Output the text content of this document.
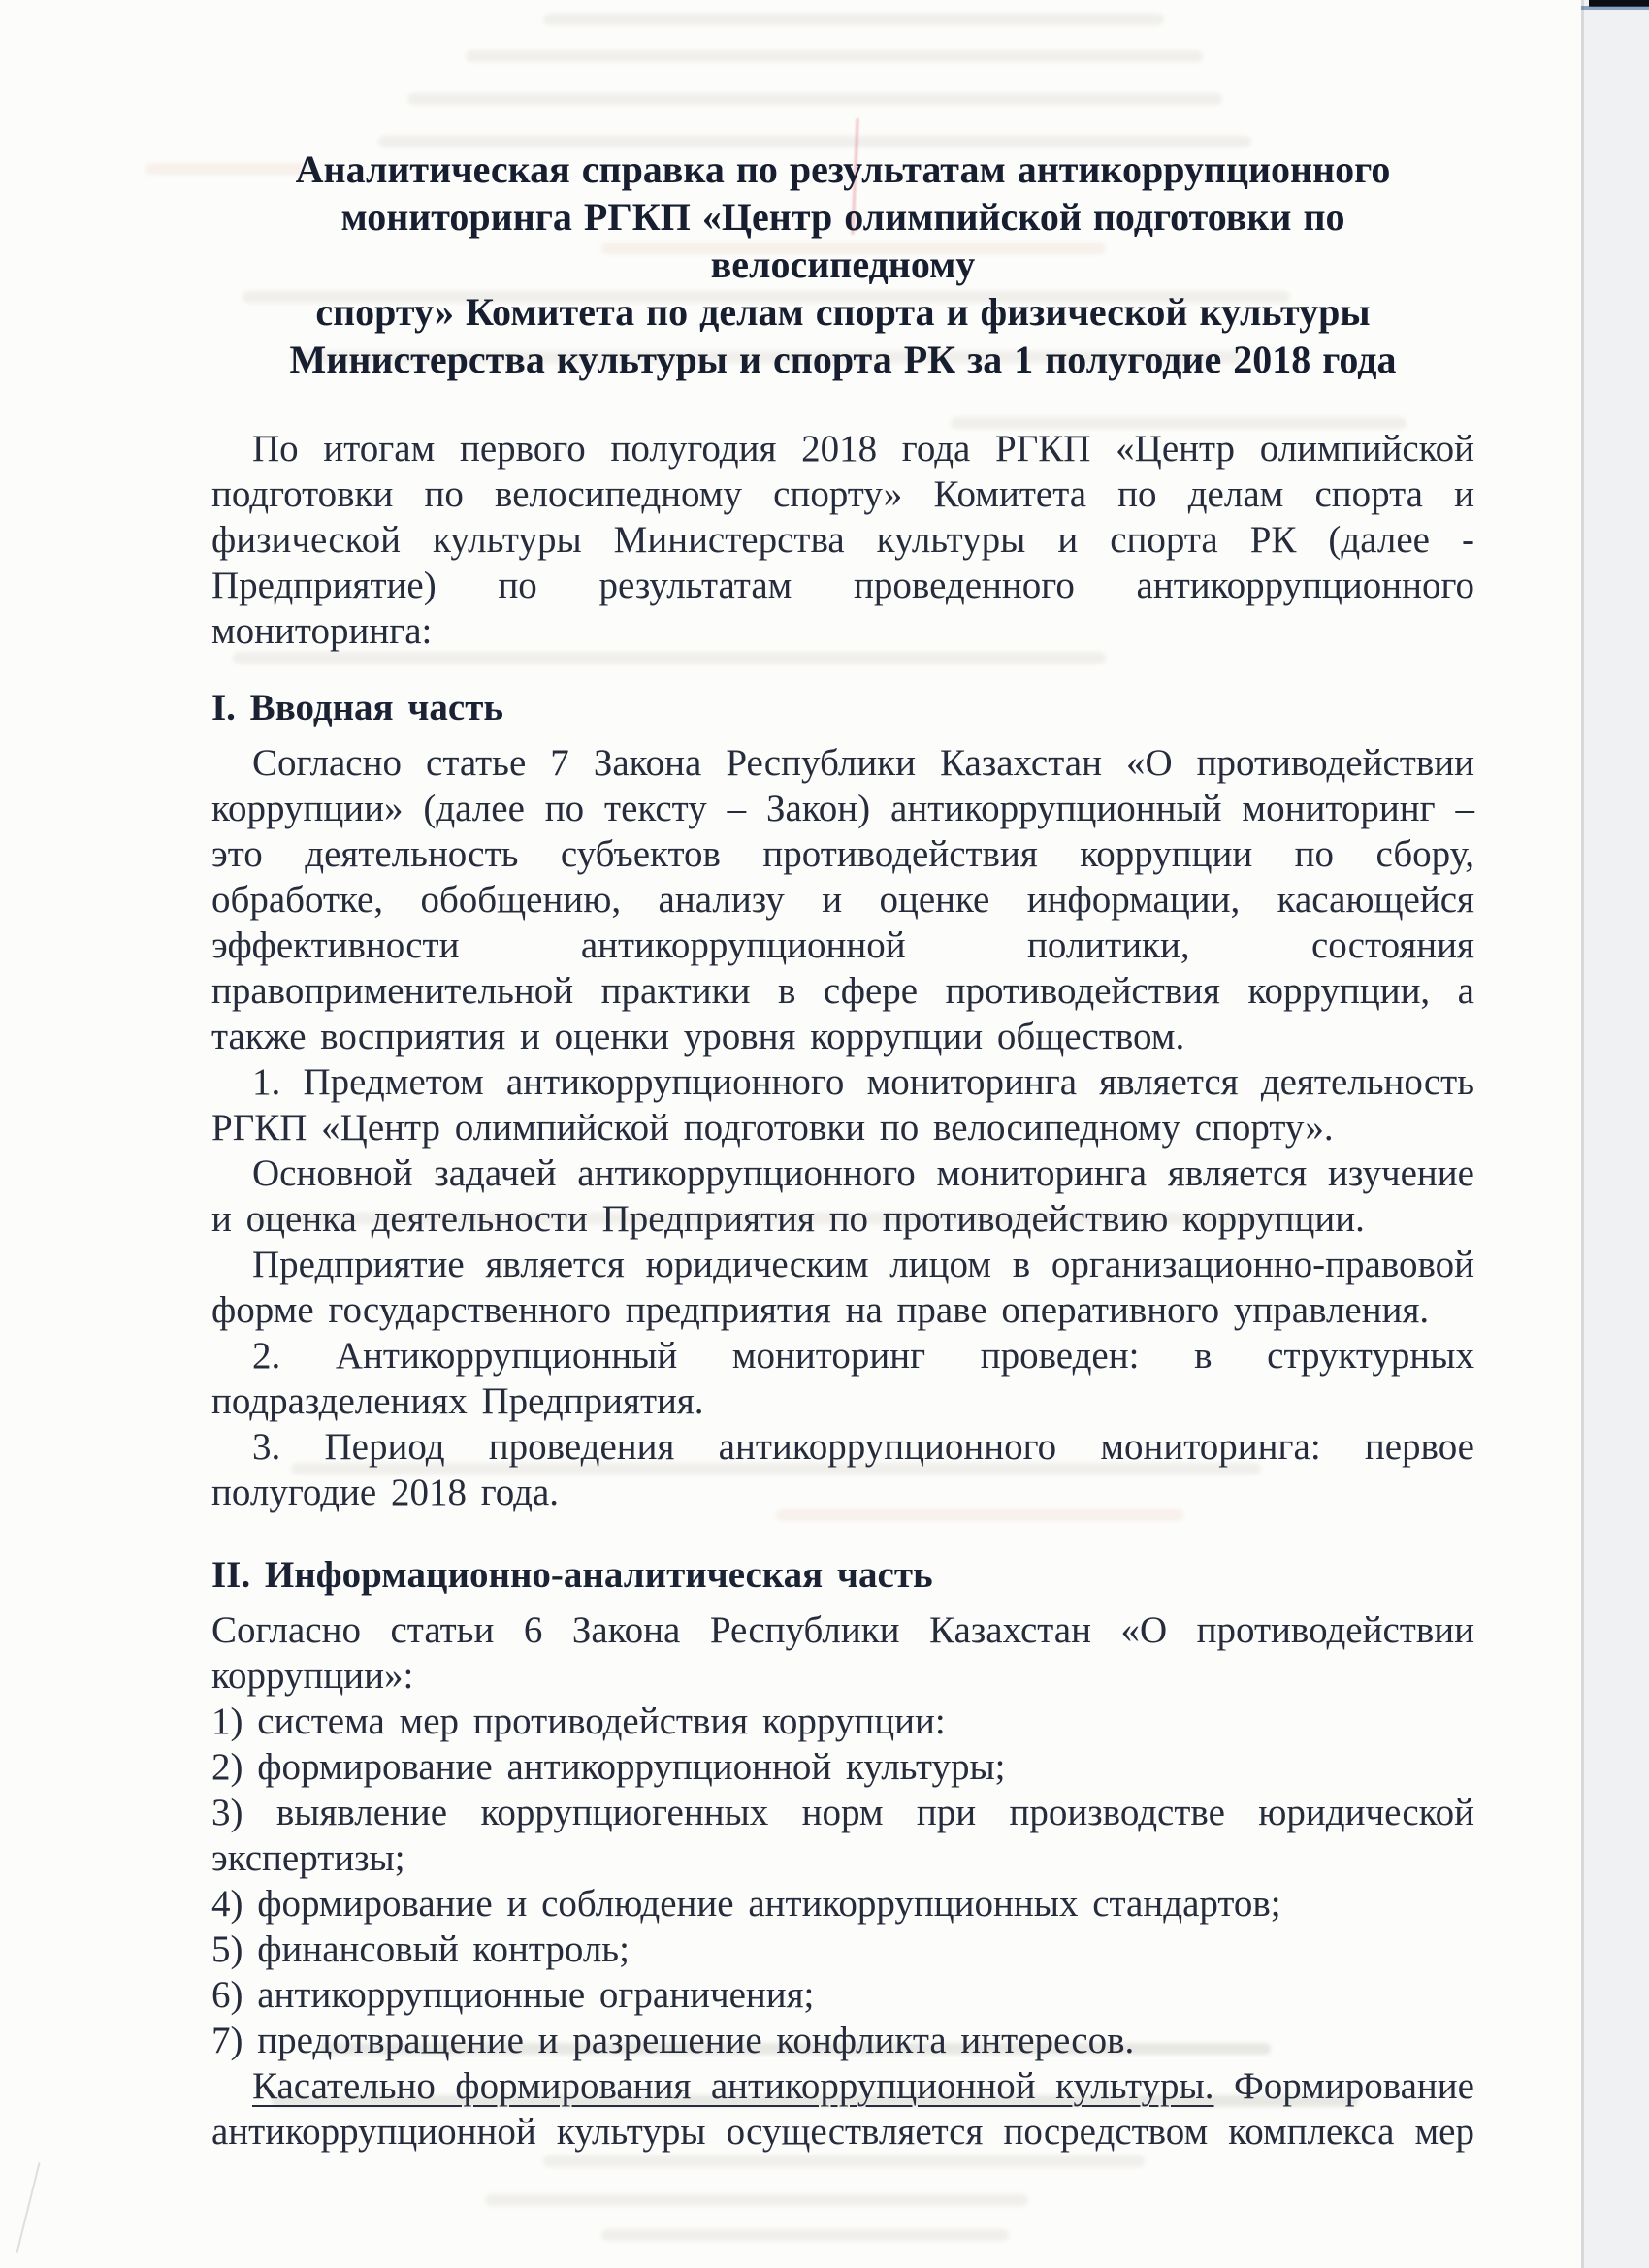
Аналитическая справка по результатам антикоррупционного
мониторинга РГКП «Центр олимпийской подготовки по велосипедному
спорту» Комитета по делам спорта и физической культуры
Министерства культуры и спорта РК за 1 полугодие 2018 года

По итогам первого полугодия 2018 года РГКП «Центр олимпийской подготовки по велосипедному спорту» Комитета по делам спорта и физической культуры Министерства культуры и спорта РК (далее - Предприятие) по результатам проведенного антикоррупционного мониторинга:

I. Вводная часть

Согласно статье 7 Закона Республики Казахстан «О противодействии коррупции» (далее по тексту – Закон) антикоррупционный мониторинг – это деятельность субъектов противодействия коррупции по сбору, обработке, обобщению, анализу и оценке информации, касающейся эффективности антикоррупционной политики, состояния правоприменительной практики в сфере противодействия коррупции, а также восприятия и оценки уровня коррупции обществом.

1. Предметом антикоррупционного мониторинга является деятельность РГКП «Центр олимпийской подготовки по велосипедному спорту».

Основной задачей антикоррупционного мониторинга является изучение и оценка деятельности Предприятия по противодействию коррупции.

Предприятие является юридическим лицом в организационно-правовой форме государственного предприятия на праве оперативного управления.

2. Антикоррупционный мониторинг проведен: в структурных подразделениях Предприятия.

3. Период проведения антикоррупционного мониторинга: первое полугодие 2018 года.

II. Информационно-аналитическая часть

Согласно статьи 6 Закона Республики Казахстан «О противодействии коррупции»:

1) система мер противодействия коррупции:

2) формирование антикоррупционной культуры;

3) выявление коррупциогенных норм при производстве юридической экспертизы;

4) формирование и соблюдение антикоррупционных стандартов;

5) финансовый контроль;

6) антикоррупционные ограничения;

7) предотвращение и разрешение конфликта интересов.

Касательно формирования антикоррупционной культуры. Формирование антикоррупционной культуры осуществляется посредством комплекса мер
